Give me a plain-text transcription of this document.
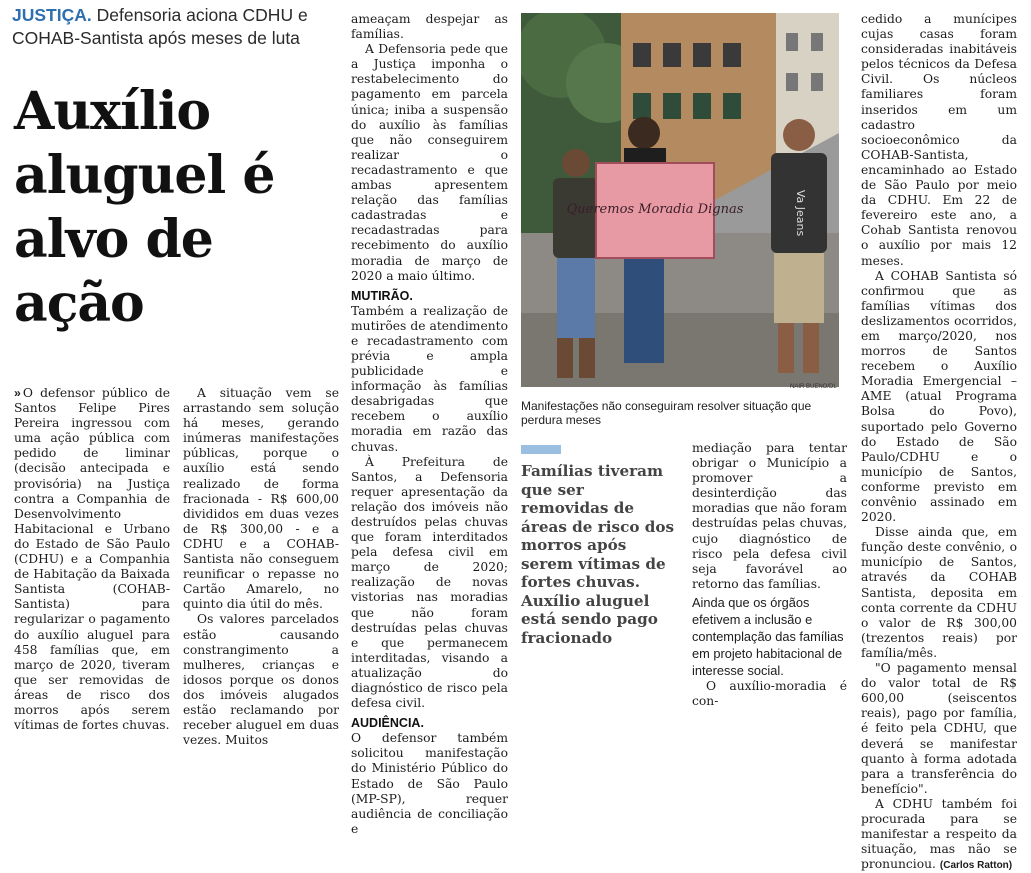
JUSTIÇA. Defensoria aciona CDHU e COHAB-Santista após meses de luta
Auxílio aluguel é alvo de ação

» O defensor público de Santos Felipe Pires Pereira ingressou com uma ação pública com pedido de liminar (decisão antecipada e provisória) na Justiça contra a Companhia de Desenvolvimento Habitacional e Urbano do Estado de São Paulo (CDHU) e a Companhia de Habitação da Baixada Santista (COHAB-Santista) para regularizar o pagamento do auxílio aluguel para 458 famílias que, em março de 2020, tiveram que ser removidas de áreas de risco dos morros após serem vítimas de fortes chuvas.

A situação vem se arrastando sem solução há meses, gerando inúmeras manifestações públicas, porque o auxílio está sendo realizado de forma fracionada - R$ 600,00 divididos em duas vezes de R$ 300,00 - e a CDHU e a COHAB-Santista não conseguem reunificar o repasse no Cartão Amarelo, no quinto dia útil do mês.

Os valores parcelados estão causando constrangimento a mulheres, crianças e idosos porque os donos dos imóveis alugados estão reclamando por receber aluguel em duas vezes. Muitos

ameaçam despejar as famílias.

A Defensoria pede que a Justiça imponha o restabelecimento do pagamento em parcela única; iniba a suspensão do auxílio às famílias que não conseguirem realizar o recadastramento e que ambas apresentem relação das famílias cadastradas e recadastradas para recebimento do auxílio moradia de março de 2020 a maio último.

MUTIRÃO.

Também a realização de mutirões de atendimento e recadastramento com prévia e ampla publicidade e informação às famílias desabrigadas que recebem o auxílio moradia em razão das chuvas.

À Prefeitura de Santos, a Defensoria requer apresentação da relação dos imóveis não destruídos pelas chuvas que foram interditados pela defesa civil em março de 2020; realização de novas vistorias nas moradias que não foram destruídas pelas chuvas e que permanecem interditadas, visando a atualização do diagnóstico de risco pela defesa civil.

AUDIÊNCIA.

O defensor também solicitou manifestação do Ministério Público do Estado de São Paulo (MP-SP), requer audiência de conciliação e

Queremos Moradia Dignas	Va Jeans
NAIR BUENO/DL
Manifestações não conseguiram resolver situação que perdura meses
Famílias tiveram que ser removidas de áreas de risco dos morros após serem vítimas de fortes chuvas. Auxílio aluguel está sendo pago fracionado

mediação para tentar obrigar o Município a promover a desinterdição das moradias que não foram destruídas pelas chuvas, cujo diagnóstico de risco pela defesa civil seja favorável ao retorno das famílias.

Ainda que os órgãos efetivem a inclusão e contemplação das famílias em projeto habitacional de interesse social.

O auxílio-moradia é con-

cedido a munícipes cujas casas foram consideradas inabitáveis pelos técnicos da Defesa Civil. Os núcleos familiares foram inseridos em um cadastro socioeconômico da COHAB-Santista, encaminhado ao Estado de São Paulo por meio da CDHU. Em 22 de fevereiro este ano, a Cohab Santista renovou o auxílio por mais 12 meses.

A COHAB Santista só confirmou que as famílias vítimas dos deslizamentos ocorridos, em março/2020, nos morros de Santos recebem o Auxílio Moradia Emergencial – AME (atual Programa Bolsa do Povo), suportado pelo Governo do Estado de São Paulo/CDHU e o município de Santos, conforme previsto em convênio assinado em 2020.

Disse ainda que, em função deste convênio, o município de Santos, através da COHAB Santista, deposita em conta corrente da CDHU o valor de R$ 300,00 (trezentos reais) por família/mês.

"O pagamento mensal do valor total de R$ 600,00 (seiscentos reais), pago por família, é feito pela CDHU, que deverá se manifestar quanto à forma adotada para a transferência do benefício".

A CDHU também foi procurada para se manifestar a respeito da situação, mas não se pronunciou. (Carlos Ratton)
